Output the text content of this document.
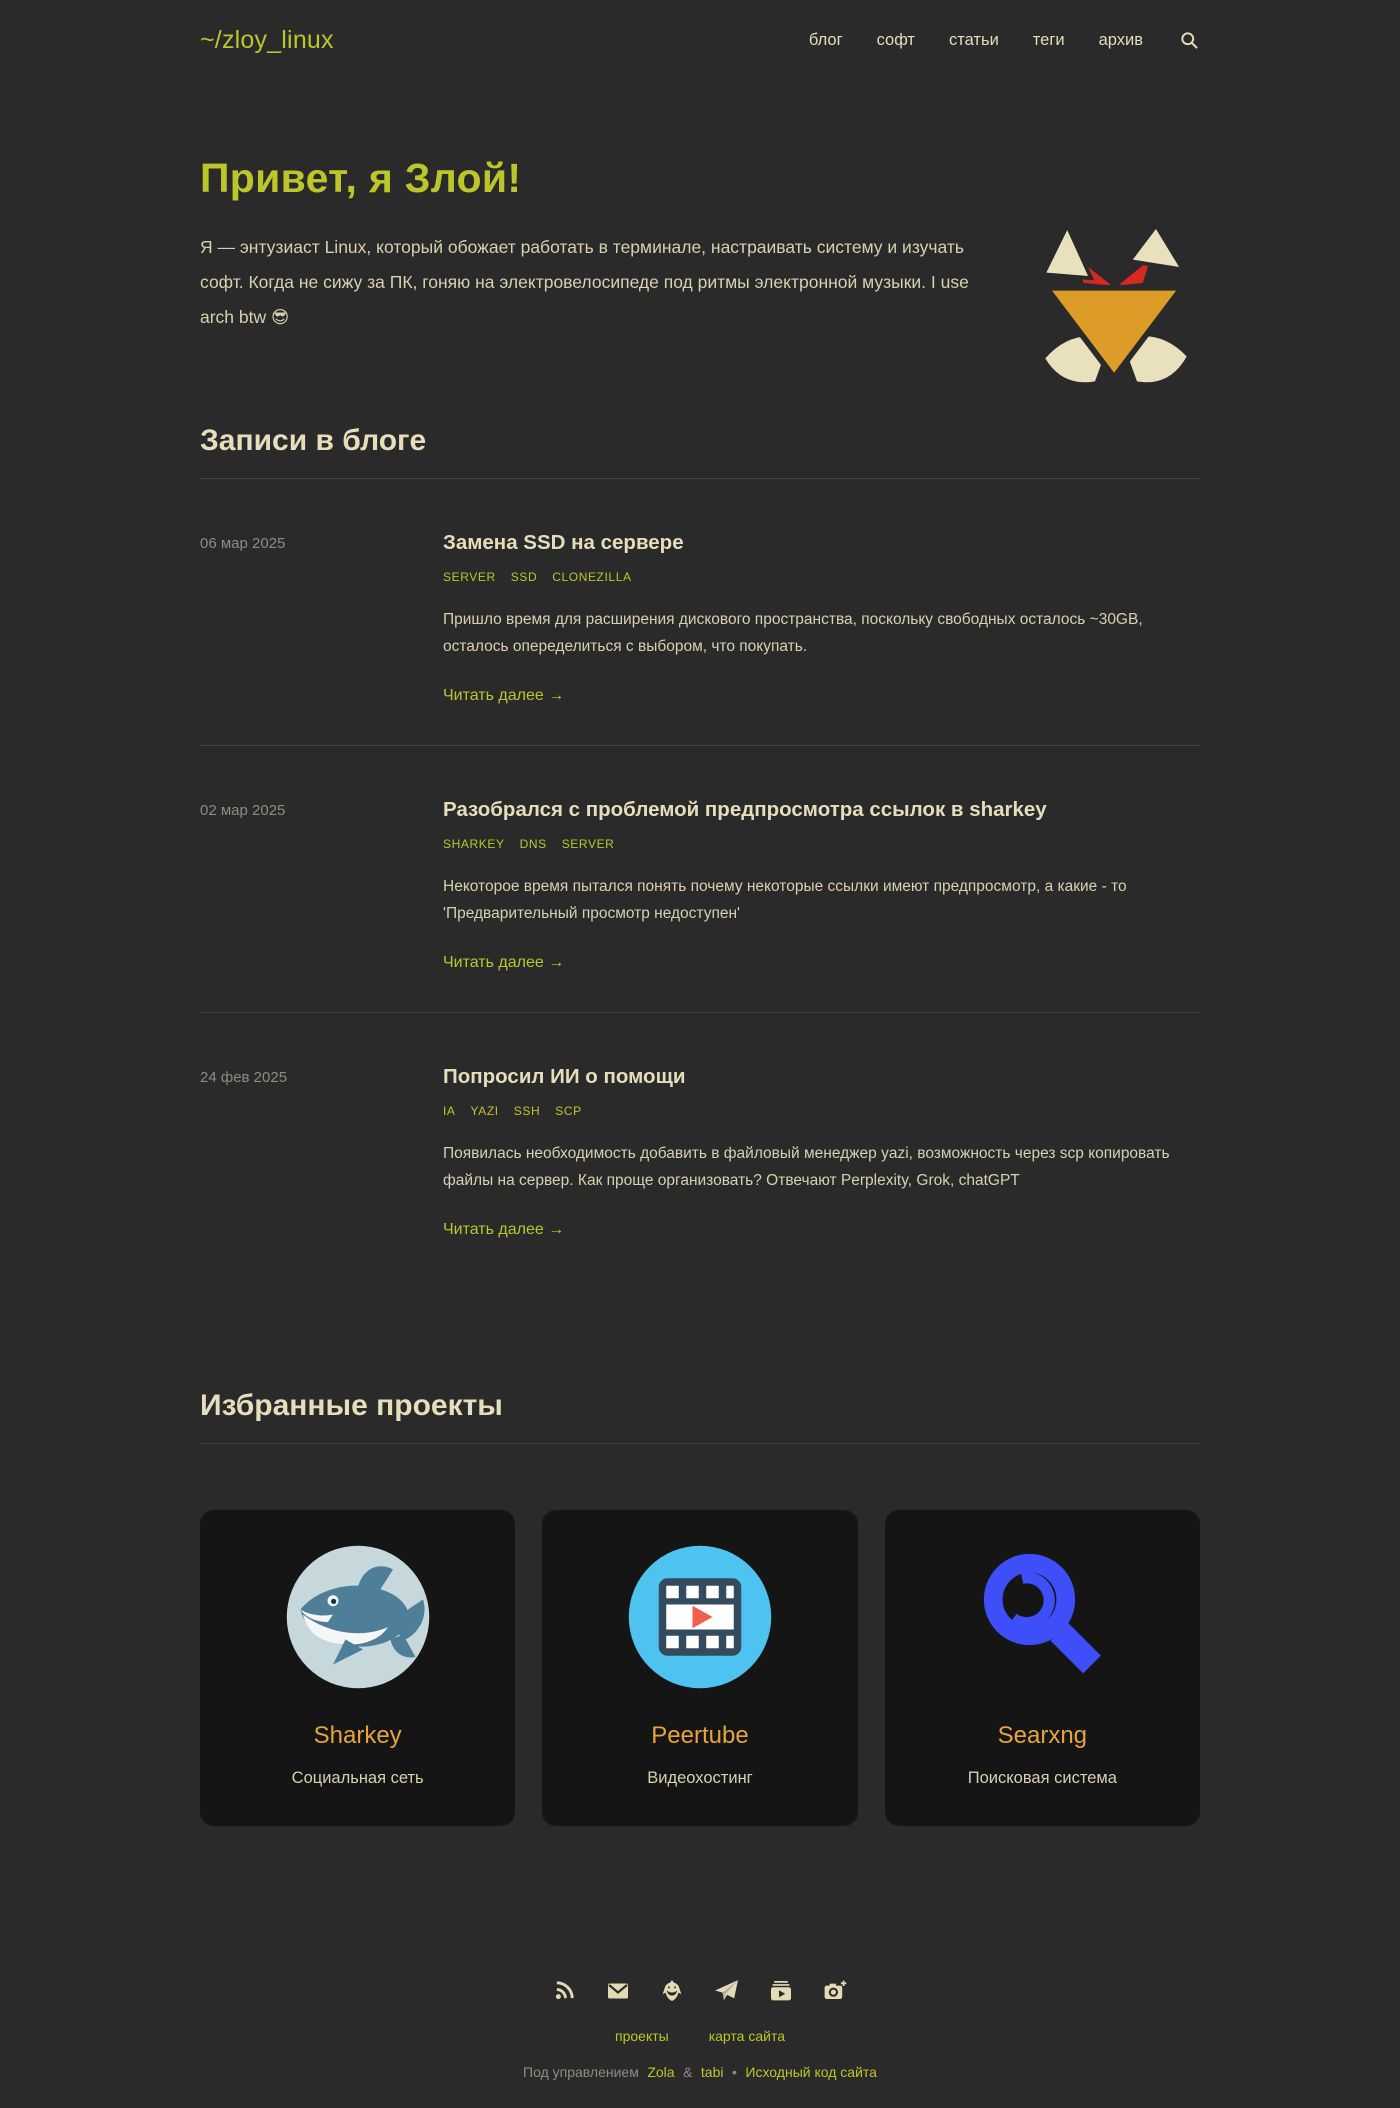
~/zloy_linux	блог софт статьи теги архив
Привет, я Злой!

Я — энтузиаст Linux, который обожает работать в терминале, настраивать систему и изучать софт. Когда не сижу за ПК, гоняю на электровелосипеде под ритмы электронной музыки. I use arch btw 😎

Записи в блоге
06 мар 2025	Замена SSD на сервере
SERVER SSD CLONEZILLA

Пришло время для расширения дискового пространства, поскольку свободных осталось ~30GB, осталось опеределиться с выбором, что покупать.

Читать далее →
02 мар 2025	Разобрался с проблемой предпросмотра ссылок в sharkey
SHARKEY DNS SERVER

Некоторое время пытался понять почему некоторые ссылки имеют предпросмотр, а какие - то 'Предварительный просмотр недоступен'

Читать далее →
24 фев 2025	Попросил ИИ о помощи
IA YAZI SSH SCP

Появилась необходимость добавить в файловый менеджер yazi, возможность через scp копировать файлы на сервер. Как проще организовать? Отвечают Perplexity, Grok, chatGPT

Читать далее →
Избранные проекты
Sharkey
Социальная сеть
Peertube
Видеохостинг
Searxng
Поисковая система
проекты	карта сайта
Под управлением Zola & tabi • Исходный код сайта
